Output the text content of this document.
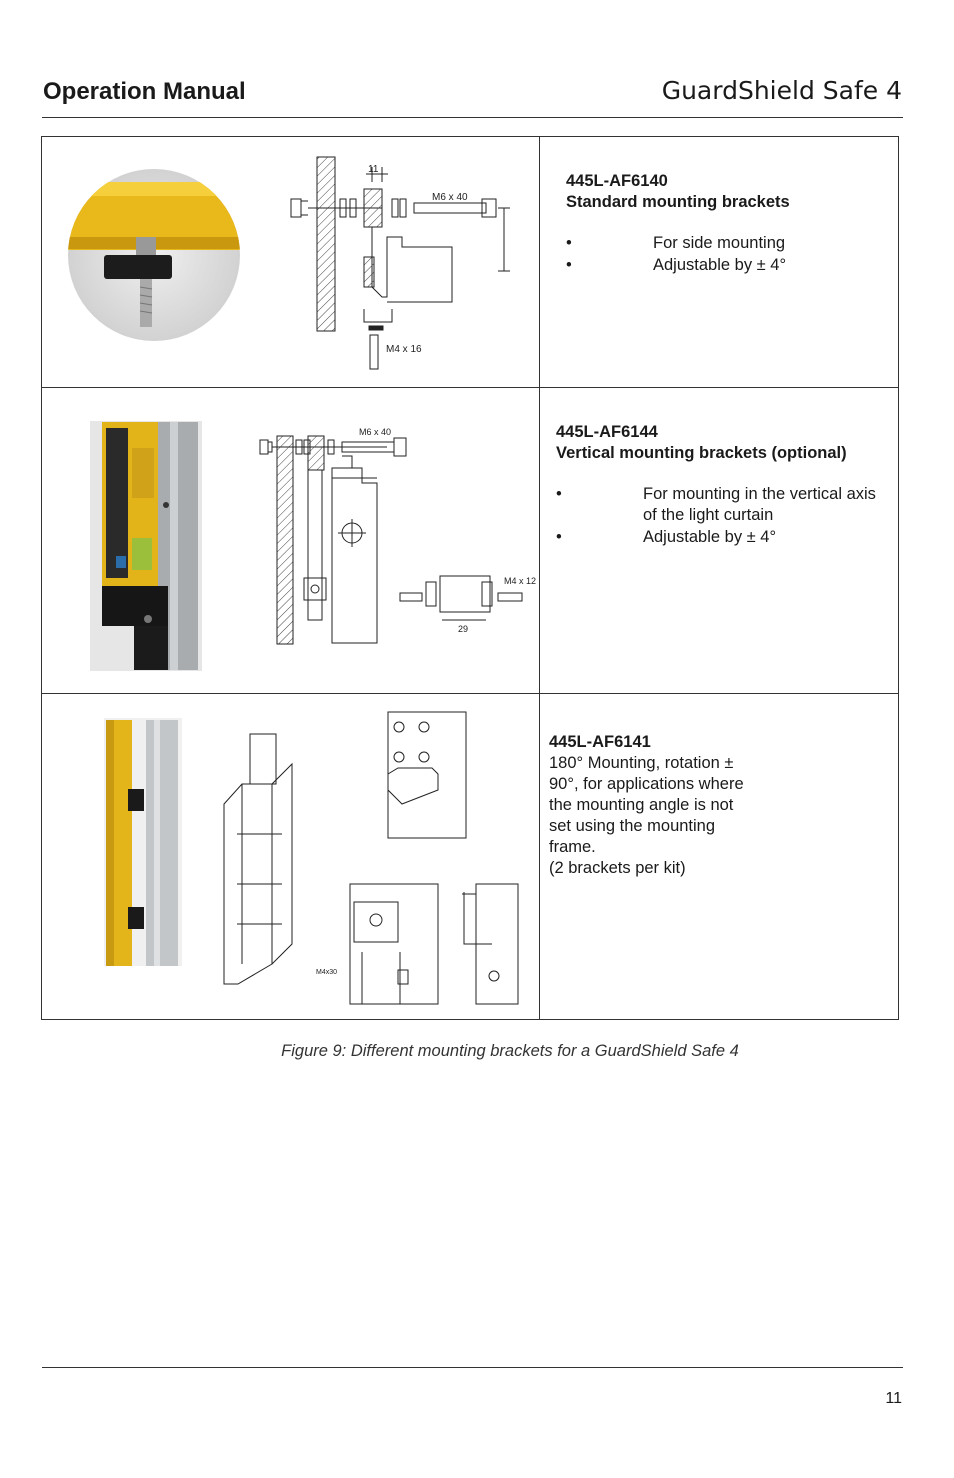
Operation Manual	GuardShield Safe 4
11
M6 x 40
M4 x 16
445L-AF6140
Standard mounting brackets
• For side mounting
• Adjustable by ± 4°
M6 x 40
M4 x 12
29
445L-AF6144
Vertical mounting brackets (optional)
• For mounting in the vertical axis of the light curtain
• Adjustable by ± 4°
M4x30
445L-AF6141
180° Mounting, rotation ±
90°, for applications where
the mounting angle is not
set using the mounting
frame.
(2 brackets per kit)
Figure 9: Different mounting brackets for a GuardShield Safe 4
11
